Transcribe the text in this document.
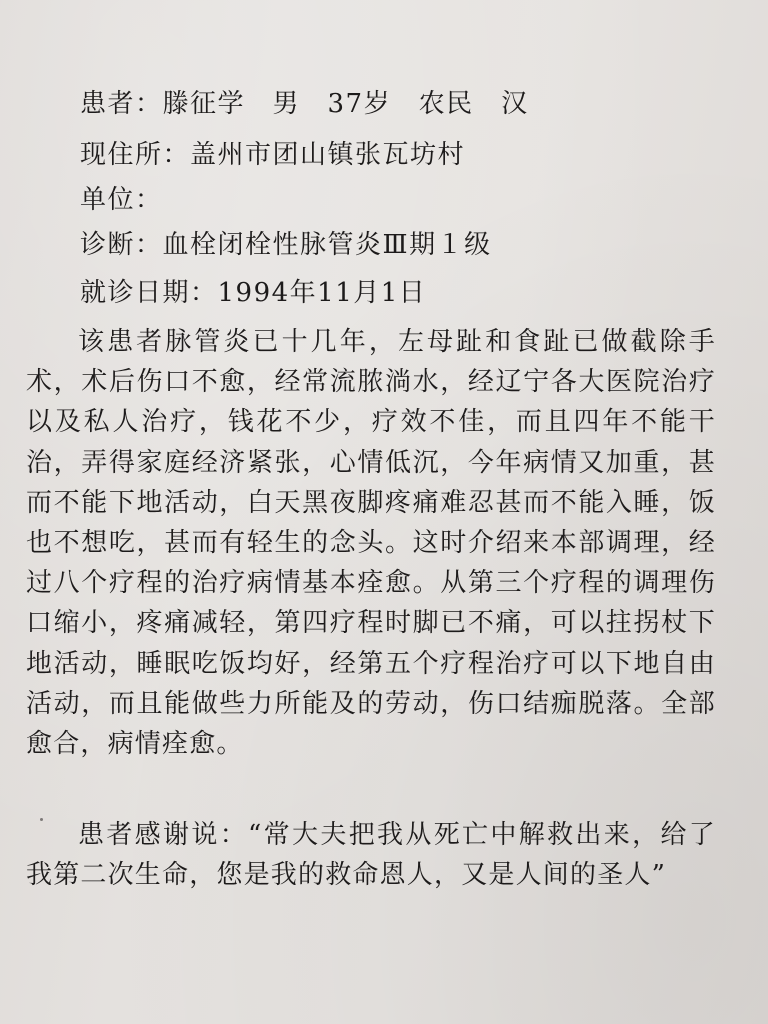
患者：滕征学　男　37岁　农民　汉
现住所：盖州市团山镇张瓦坊村
单位：
诊断：血栓闭栓性脉管炎Ⅲ期１级
就诊日期：1994年11月1日
该患者脉管炎已十几年，左母趾和食趾已做截除手术，术后伤口不愈，经常流脓淌水，经辽宁各大医院治疗以及私人治疗，钱花不少，疗效不佳，而且四年不能干治，弄得家庭经济紧张，心情低沉，今年病情又加重，甚而不能下地活动，白天黑夜脚疼痛难忍甚而不能入睡，饭也不想吃，甚而有轻生的念头。这时介绍来本部调理，经过八个疗程的治疗病情基本痊愈。从第三个疗程的调理伤口缩小，疼痛减轻，第四疗程时脚已不痛，可以拄拐杖下地活动，睡眠吃饭均好，经第五个疗程治疗可以下地自由活动，而且能做些力所能及的劳动，伤口结痂脱落。全部愈合，病情痊愈。
患者感谢说：“常大夫把我从死亡中解救出来，给了我第二次生命，您是我的救命恩人，又是人间的圣人”
